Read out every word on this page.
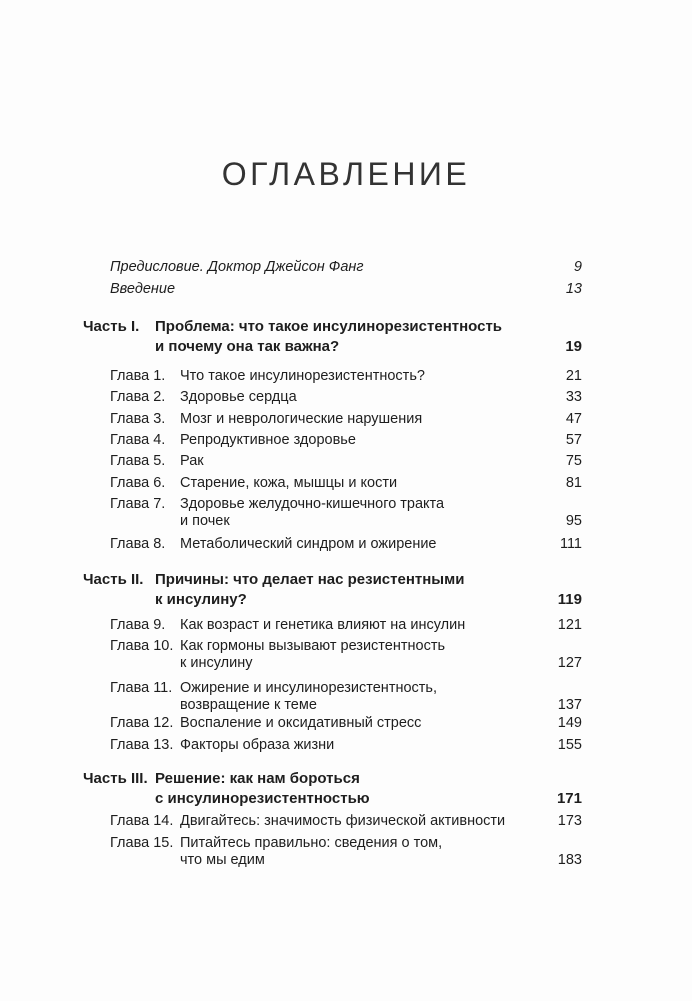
ОГЛАВЛЕНИЕ
Предисловие. Доктор Джейсон Фанг	9
Введение	13
Часть I. Проблема: что такое инсулинорезистентность
и почему она так важна?	19
Глава 1. Что такое инсулинорезистентность?	21
Глава 2. Здоровье сердца	33
Глава 3. Мозг и неврологические нарушения	47
Глава 4. Репродуктивное здоровье	57
Глава 5. Рак	75
Глава 6. Старение, кожа, мышцы и кости	81
Глава 7. Здоровье желудочно-кишечного тракта
и почек	95
Глава 8. Метаболический синдром и ожирение	111
Часть II. Причины: что делает нас резистентными
к инсулину?	119
Глава 9. Как возраст и генетика влияют на инсулин	121
Глава 10. Как гормоны вызывают резистентность
к инсулину	127
Глава 11. Ожирение и инсулинорезистентность,
возвращение к теме	137
Глава 12. Воспаление и оксидативный стресс	149
Глава 13. Факторы образа жизни	155
Часть III. Решение: как нам бороться
с инсулинорезистентностью	171
Глава 14. Двигайтесь: значимость физической активности	173
Глава 15. Питайтесь правильно: сведения о том,
что мы едим	183
